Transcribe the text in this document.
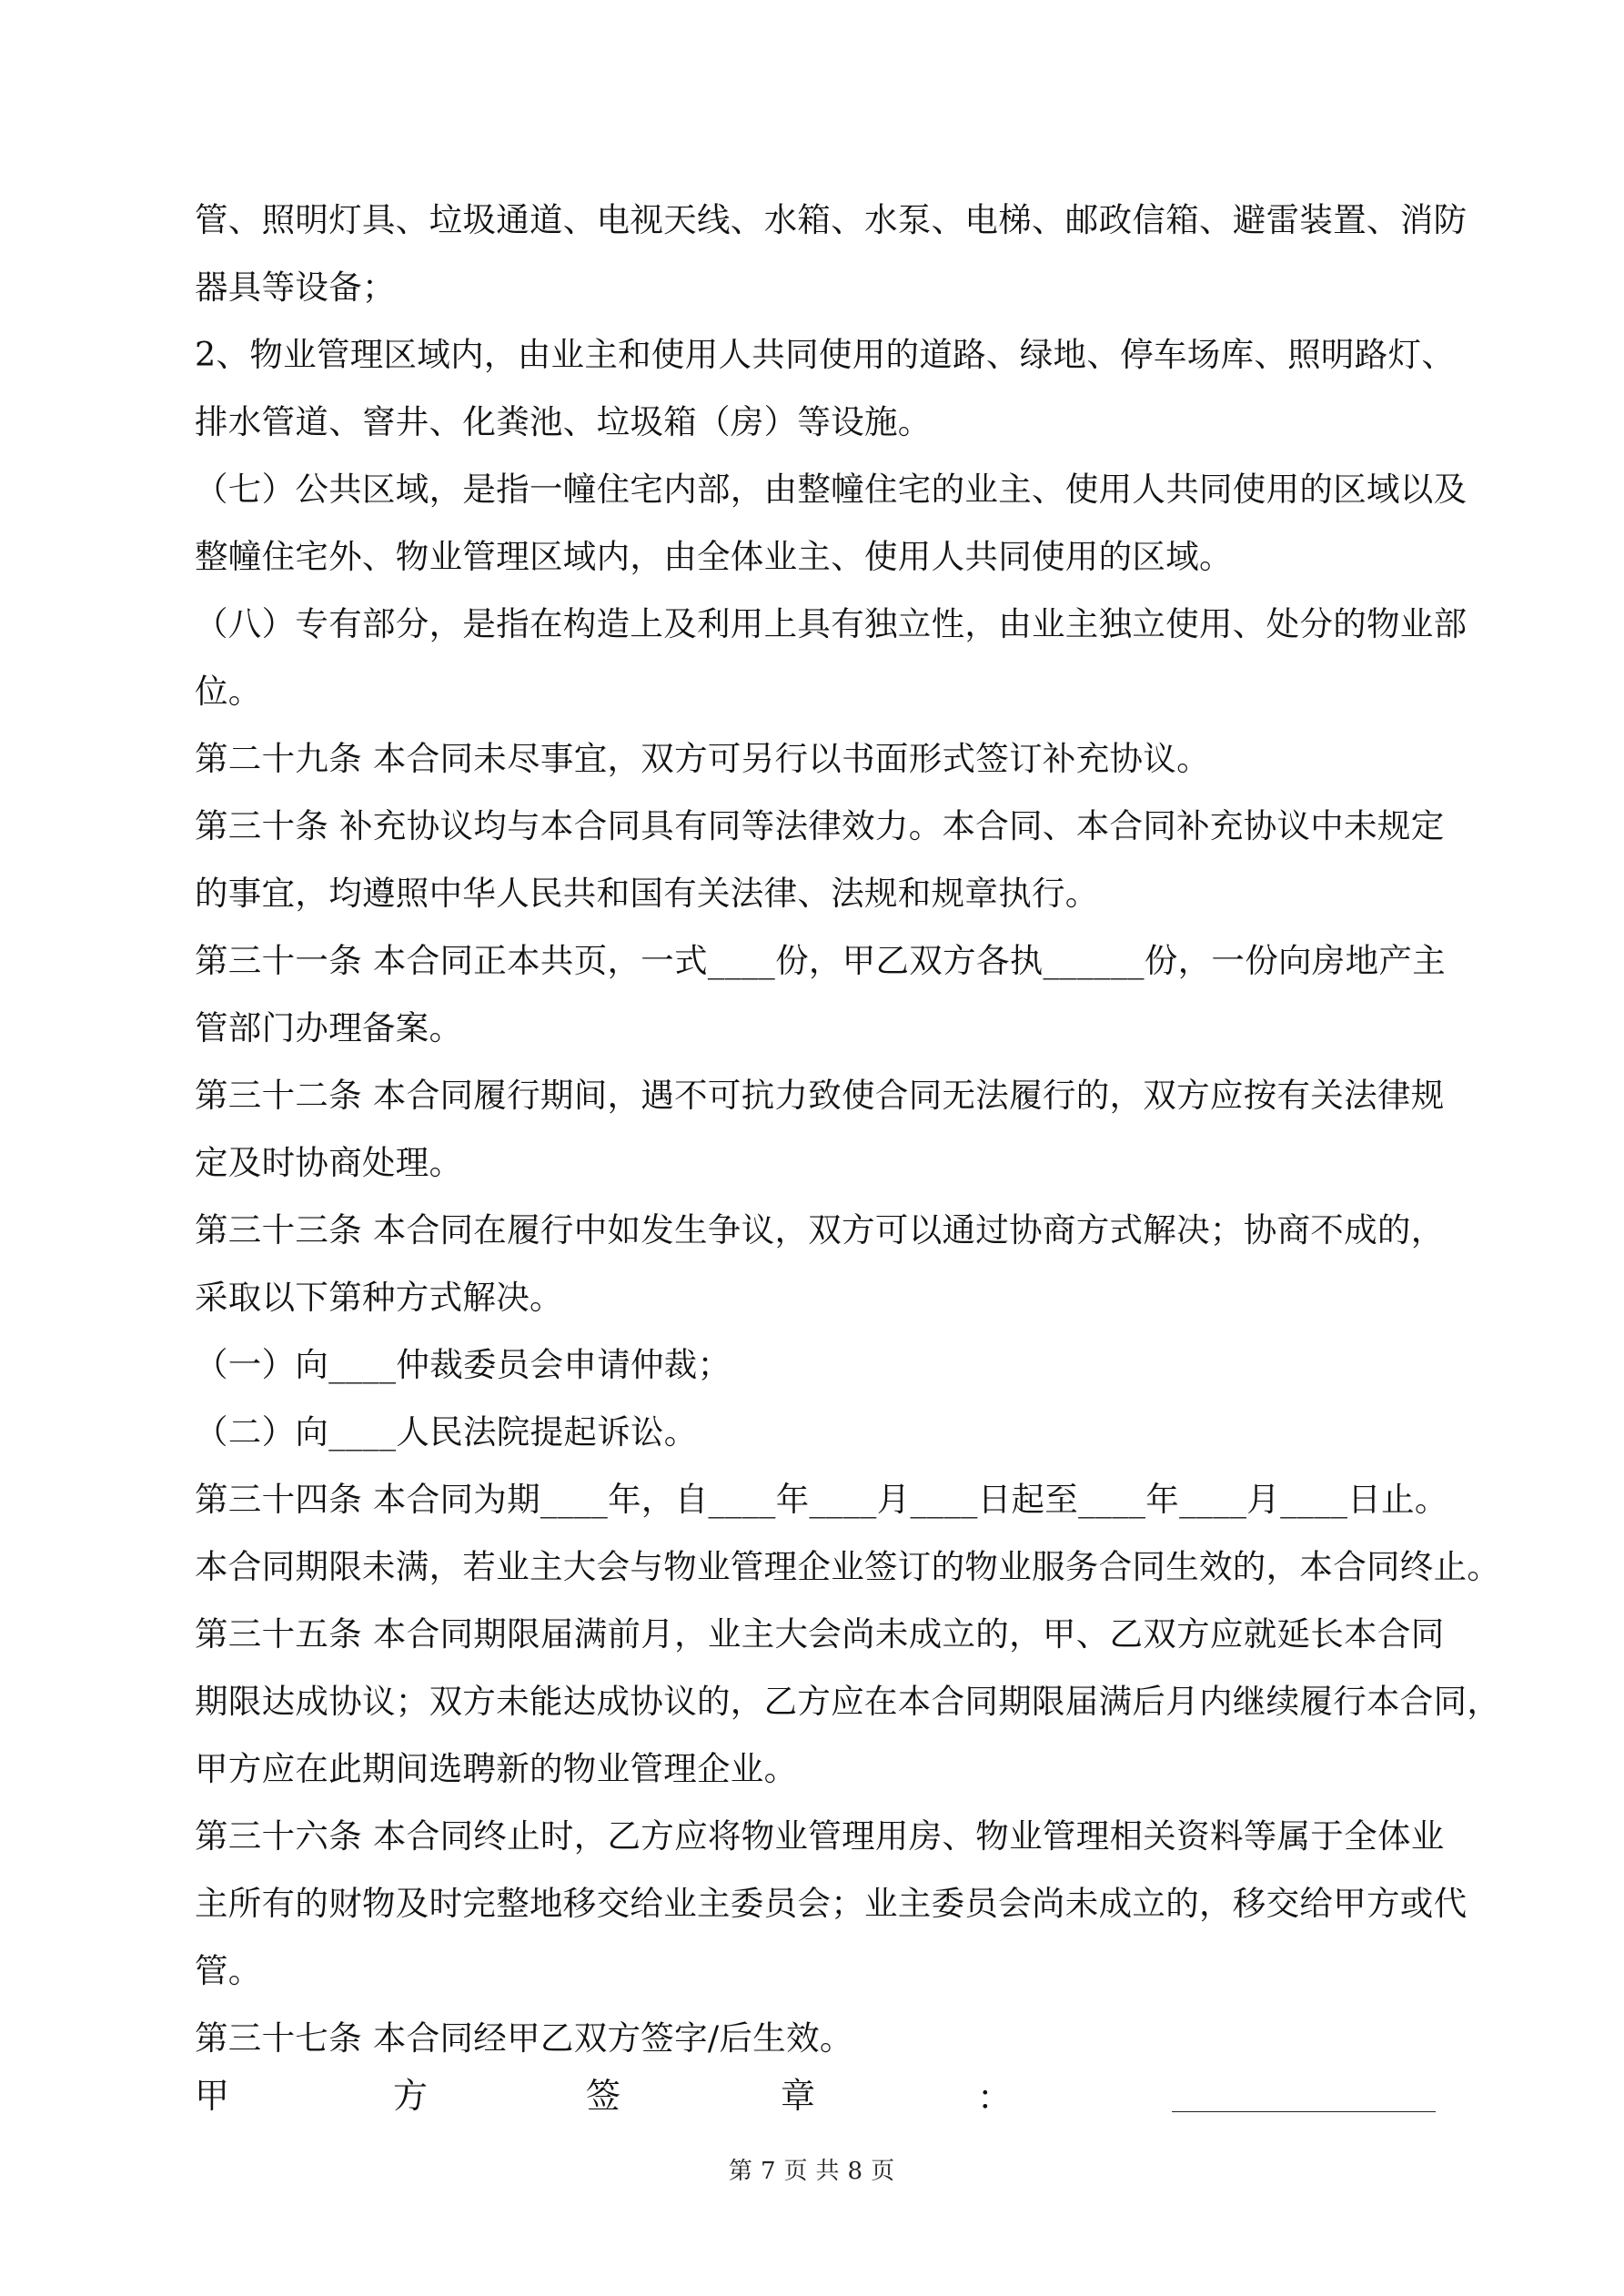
管、照明灯具、垃圾通道、电视天线、水箱、水泵、电梯、邮政信箱、避雷装置、消防
器具等设备；
2、物业管理区域内，由业主和使用人共同使用的道路、绿地、停车场库、照明路灯、
排水管道、窨井、化粪池、垃圾箱（房）等设施。
（七）公共区域，是指一幢住宅内部，由整幢住宅的业主、使用人共同使用的区域以及
整幢住宅外、物业管理区域内，由全体业主、使用人共同使用的区域。
（八）专有部分，是指在构造上及利用上具有独立性，由业主独立使用、处分的物业部
位。
第二十九条 本合同未尽事宜，双方可另行以书面形式签订补充协议。
第三十条 补充协议均与本合同具有同等法律效力。本合同、本合同补充协议中未规定
的事宜，均遵照中华人民共和国有关法律、法规和规章执行。
第三十一条 本合同正本共页，一式____份，甲乙双方各执______份，一份向房地产主
管部门办理备案。
第三十二条 本合同履行期间，遇不可抗力致使合同无法履行的，双方应按有关法律规
定及时协商处理。
第三十三条 本合同在履行中如发生争议，双方可以通过协商方式解决；协商不成的，
采取以下第种方式解决。
（一）向____仲裁委员会申请仲裁；
（二）向____人民法院提起诉讼。
第三十四条 本合同为期____年，自____年____月____日起至____年____月____日止。
本合同期限未满，若业主大会与物业管理企业签订的物业服务合同生效的，本合同终止。
第三十五条 本合同期限届满前月，业主大会尚未成立的，甲、乙双方应就延长本合同
期限达成协议；双方未能达成协议的，乙方应在本合同期限届满后月内继续履行本合同，
甲方应在此期间选聘新的物业管理企业。
第三十六条 本合同终止时，乙方应将物业管理用房、物业管理相关资料等属于全体业
主所有的财物及时完整地移交给业主委员会；业主委员会尚未成立的，移交给甲方或代
管。
第三十七条 本合同经甲乙双方签字/后生效。
甲	方	签	章	：
第 7 页 共 8 页
